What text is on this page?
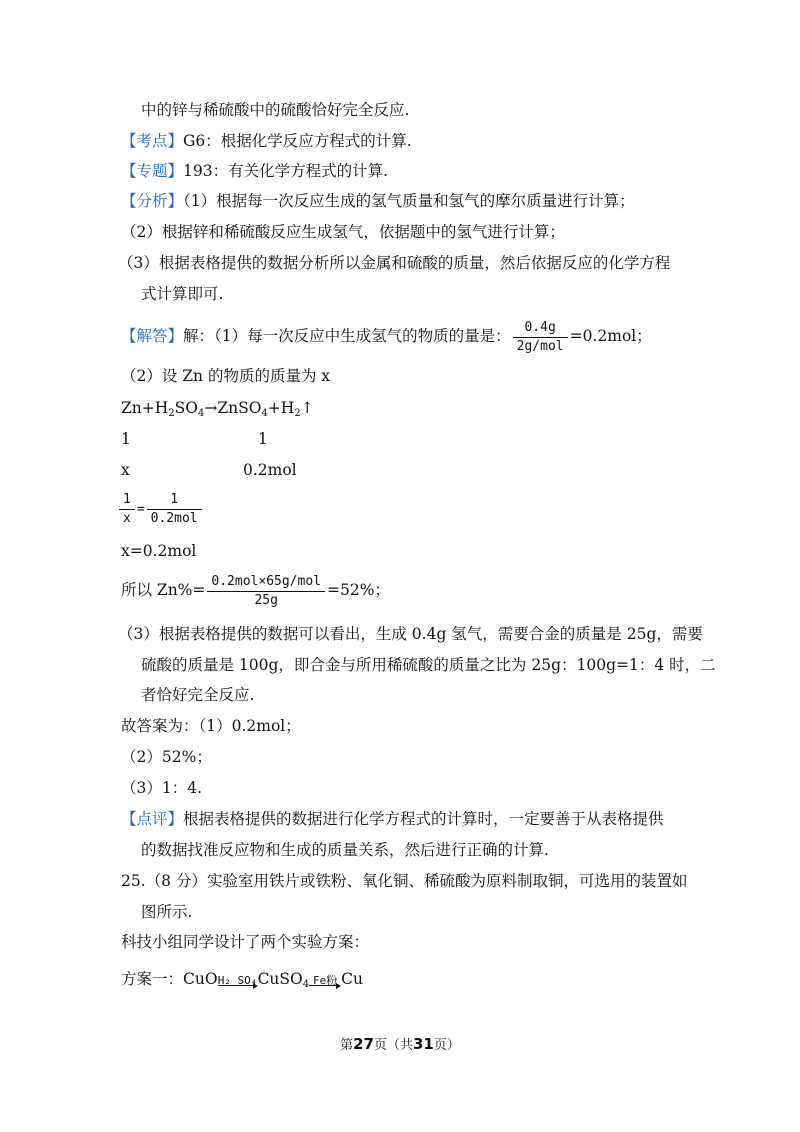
中的锌与稀硫酸中的硫酸恰好完全反应.
【考点】G6：根据化学反应方程式的计算.
【专题】193：有关化学方程式的计算.
【分析】（1）根据每一次反应生成的氢气质量和氢气的摩尔质量进行计算；
（2）根据锌和稀硫酸反应生成氢气，依据题中的氢气进行计算；
（3）根据表格提供的数据分析所以金属和硫酸的质量，然后依据反应的化学方程
式计算即可.
【解答】解：（1）每一次反应中生成氢气的物质的量是： $\frac{0.4g}{\text{2g/mol}} =0.2mol$；
（2）设 Zn 的物质的质量为 x
$Zn+H_2SO_4\to ZnSO_4+H_2↑$
1	1
x	0.2mol
$\frac{1}{x} = \frac{1}{\text{0.2mol}}$
x=0.2mol
所以 $Zn\%= \frac{\text{0.2mol×65g/mol}}{25g} =52\%$；
（3）根据表格提供的数据可以看出，生成 0.4g 氢气，需要合金的质量是 25g，需要
硫酸的质量是 100g，即合金与所用稀硫酸的质量之比为 25g：100g=1：4 时，二
者恰好完全反应.
故答案为：（1）0.2mol；
（2）52%；
（3）1：4.
【点评】根据表格提供的数据进行化学方程式的计算时，一定要善于从表格提供
的数据找准反应物和生成的质量关系，然后进行正确的计算.
25.（8 分）实验室用铁片或铁粉、氧化铜、稀硫酸为原料制取铜，可选用的装置如
图所示.
科技小组同学设计了两个实验方案：
方案一：CuO H₂ SO₄ CuSO$_4$ Fe粉 Cu
第27页（共31页）
